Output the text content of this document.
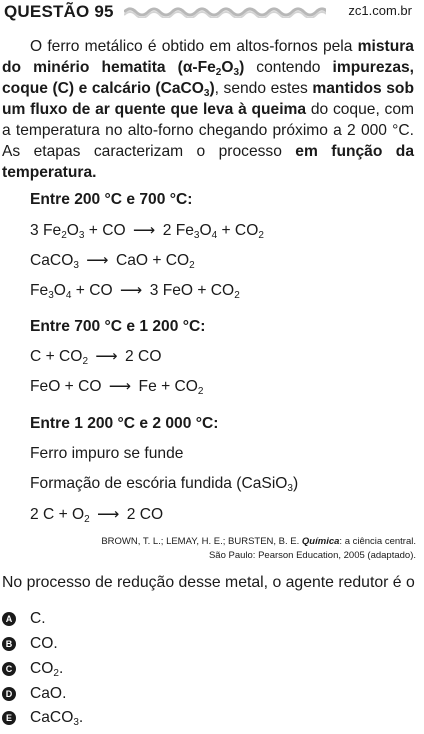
QUESTÃO 95	zc1.com.br

O ferro metálico é obtido em altos-fornos pela mistura do minério hematita $(\alpha-Fe_2O_3)$ contendo impurezas, coque (C) e calcário (CaCO$_3$), sendo estes mantidos sob um fluxo de ar quente que leva à queima do coque, com a temperatura no alto-forno chegando próximo a 2 000 °C. As etapas caracterizam o processo em função da temperatura.

Entre 200 °C e 700 °C:
3 $Fe_2O_3$ + CO ⟶ 2 $Fe_3O_4 + CO_2$
CaCO$_3$ ⟶ CaO + $CO_2$
$Fe_3O_4$ + CO ⟶ 3 FeO + $CO_2$
Entre 700 °C e 1 200 °C:
$C + CO_2$ ⟶ 2 CO
FeO + CO ⟶ $Fe + CO_2$
Entre 1 200 °C e 2 000 °C:
Ferro impuro se funde
Formação de escória fundida (CaSiO$_3$)
2 $C + O_2$ ⟶ 2 CO
BROWN, T. L.; LEMAY, H. E.; BURSTEN, B. E. Química: a ciência central.
São Paulo: Pearson Education, 2005 (adaptado).
No processo de redução desse metal, o agente redutor é o
A C.
B CO.
C $CO_2$.
D CaO.
E CaCO$_3$.
